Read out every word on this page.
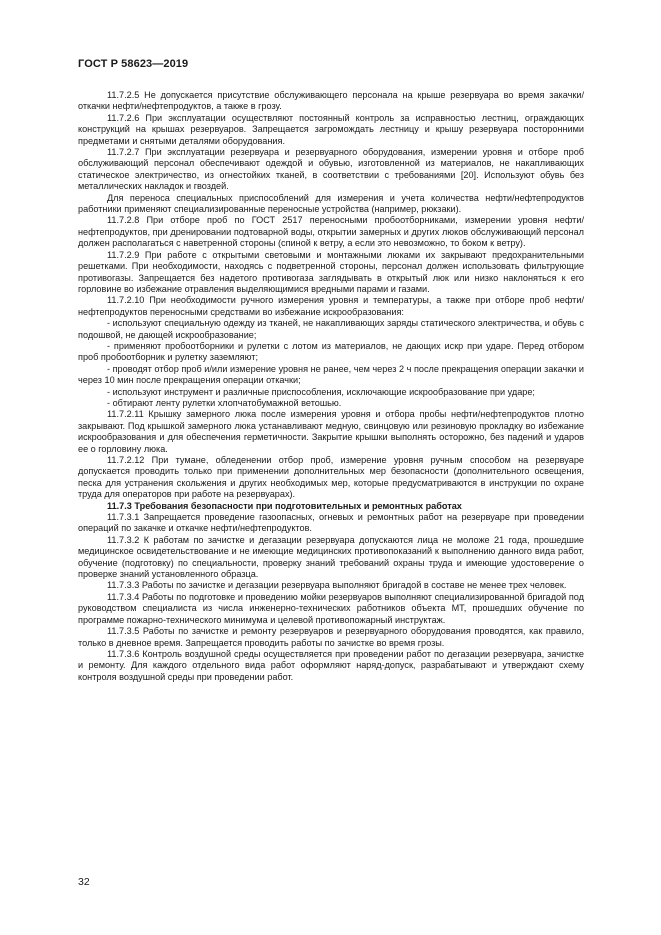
ГОСТ Р 58623—2019

11.7.2.5 Не допускается присутствие обслуживающего персонала на крыше резервуара во время закачки/откачки нефти/нефтепродуктов, а также в грозу.

11.7.2.6 При эксплуатации осуществляют постоянный контроль за исправностью лестниц, ограждающих конструкций на крышах резервуаров. Запрещается загромождать лестницу и крышу резервуара посторонними предметами и снятыми деталями оборудования.

11.7.2.7 При эксплуатации резервуара и резервуарного оборудования, измерении уровня и отборе проб обслуживающий персонал обеспечивают одеждой и обувью, изготовленной из материалов, не накапливающих статическое электричество, из огнестойких тканей, в соответствии с требованиями [20]. Используют обувь без металлических накладок и гвоздей.

Для переноса специальных приспособлений для измерения и учета количества нефти/нефтепродуктов работники применяют специализированные переносные устройства (например, рюкзаки).

11.7.2.8 При отборе проб по ГОСТ 2517 переносными пробоотборниками, измерении уровня нефти/нефтепродуктов, при дренировании подтоварной воды, открытии замерных и других люков обслуживающий персонал должен располагаться с наветренной стороны (спиной к ветру, а если это невозможно, то боком к ветру).

11.7.2.9 При работе с открытыми световыми и монтажными люками их закрывают предохранительными решетками. При необходимости, находясь с подветренной стороны, персонал должен использовать фильтрующие противогазы. Запрещается без надетого противогаза заглядывать в открытый люк или низко наклоняться к его горловине во избежание отравления выделяющимися вредными парами и газами.

11.7.2.10 При необходимости ручного измерения уровня и температуры, а также при отборе проб нефти/нефтепродуктов переносными средствами во избежание искрообразования:

- используют специальную одежду из тканей, не накапливающих заряды статического электричества, и обувь с подошвой, не дающей искрообразование;

- применяют пробоотборники и рулетки с лотом из материалов, не дающих искр при ударе. Перед отбором проб пробоотборник и рулетку заземляют;

- проводят отбор проб и/или измерение уровня не ранее, чем через 2 ч после прекращения операции закачки и через 10 мин после прекращения операции откачки;

- используют инструмент и различные приспособления, исключающие искрообразование при ударе;

- обтирают ленту рулетки хлопчатобумажной ветошью.

11.7.2.11 Крышку замерного люка после измерения уровня и отбора пробы нефти/нефтепродуктов плотно закрывают. Под крышкой замерного люка устанавливают медную, свинцовую или резиновую прокладку во избежание искрообразования и для обеспечения герметичности. Закрытие крышки выполнять осторожно, без падений и ударов ее о горловину люка.

11.7.2.12 При тумане, обледенении отбор проб, измерение уровня ручным способом на резервуаре допускается проводить только при применении дополнительных мер безопасности (дополнительного освещения, песка для устранения скольжения и других необходимых мер, которые предусматриваются в инструкции по охране труда для операторов при работе на резервуарах).

11.7.3 Требования безопасности при подготовительных и ремонтных работах

11.7.3.1 Запрещается проведение газоопасных, огневых и ремонтных работ на резервуаре при проведении операций по закачке и откачке нефти/нефтепродуктов.

11.7.3.2 К работам по зачистке и дегазации резервуара допускаются лица не моложе 21 года, прошедшие медицинское освидетельствование и не имеющие медицинских противопоказаний к выполнению данного вида работ, обучение (подготовку) по специальности, проверку знаний требований охраны труда и имеющие удостоверение о проверке знаний установленного образца.

11.7.3.3 Работы по зачистке и дегазации резервуара выполняют бригадой в составе не менее трех человек.

11.7.3.4 Работы по подготовке и проведению мойки резервуаров выполняют специализированной бригадой под руководством специалиста из числа инженерно-технических работников объекта МТ, прошедших обучение по программе пожарно-технического минимума и целевой противопожарный инструктаж.

11.7.3.5 Работы по зачистке и ремонту резервуаров и резервуарного оборудования проводятся, как правило, только в дневное время. Запрещается проводить работы по зачистке во время грозы.

11.7.3.6 Контроль воздушной среды осуществляется при проведении работ по дегазации резервуара, зачистке и ремонту. Для каждого отдельного вида работ оформляют наряд-допуск, разрабатывают и утверждают схему контроля воздушной среды при проведении работ.

32
